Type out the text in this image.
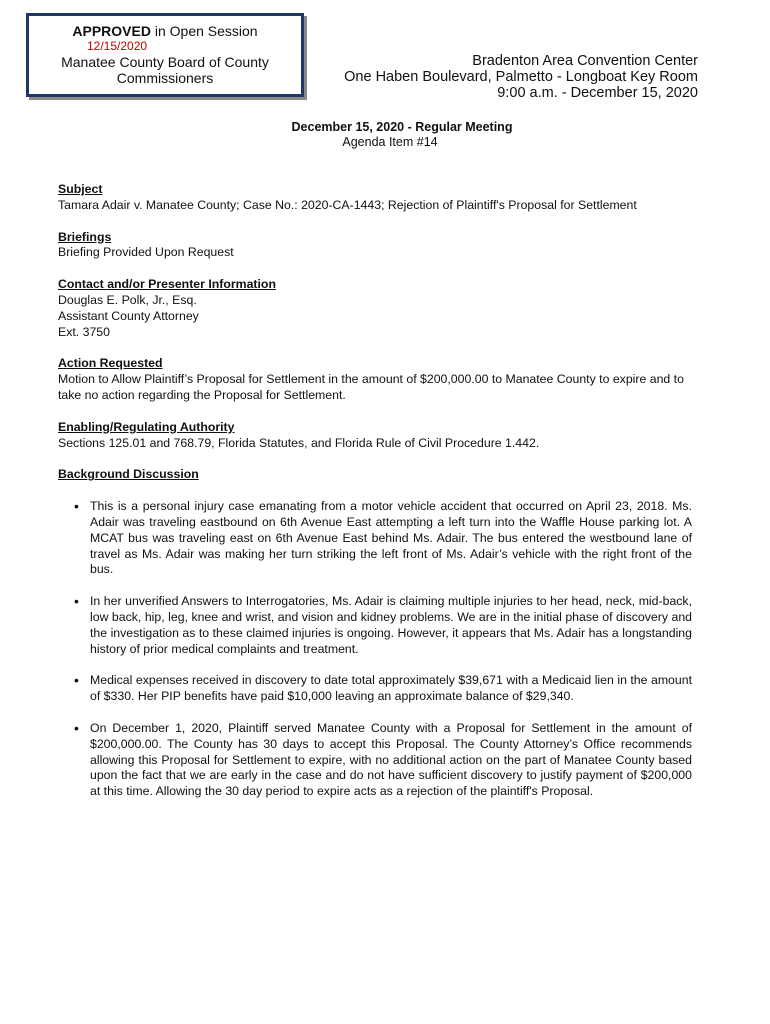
APPROVED in Open Session
12/15/2020
Manatee County Board of County
Commissioners
Bradenton Area Convention Center
One Haben Boulevard, Palmetto - Longboat Key Room
9:00 a.m. - December 15, 2020
December 15, 2020 - Regular Meeting
Agenda Item #14
Subject
Tamara Adair v. Manatee County; Case No.: 2020-CA-1443; Rejection of Plaintiff's Proposal for Settlement
Briefings
Briefing Provided Upon Request
Contact and/or Presenter Information
Douglas E. Polk, Jr., Esq.
Assistant County Attorney
Ext. 3750
Action Requested
Motion to Allow Plaintiff’s Proposal for Settlement in the amount of $200,000.00 to Manatee County to expire and to take no action regarding the Proposal for Settlement.
Enabling/Regulating Authority
Sections 125.01 and 768.79, Florida Statutes, and Florida Rule of Civil Procedure 1.442.
Background Discussion
• This is a personal injury case emanating from a motor vehicle accident that occurred on April 23, 2018. Ms. Adair was traveling eastbound on 6th Avenue East attempting a left turn into the Waffle House parking lot. A MCAT bus was traveling east on 6th Avenue East behind Ms. Adair. The bus entered the westbound lane of travel as Ms. Adair was making her turn striking the left front of Ms. Adair’s vehicle with the right front of the bus.
• In her unverified Answers to Interrogatories, Ms. Adair is claiming multiple injuries to her head, neck, mid-back, low back, hip, leg, knee and wrist, and vision and kidney problems. We are in the initial phase of discovery and the investigation as to these claimed injuries is ongoing. However, it appears that Ms. Adair has a longstanding history of prior medical complaints and treatment.
• Medical expenses received in discovery to date total approximately $39,671 with a Medicaid lien in the amount of $330. Her PIP benefits have paid $10,000 leaving an approximate balance of $29,340.
• On December 1, 2020, Plaintiff served Manatee County with a Proposal for Settlement in the amount of $200,000.00. The County has 30 days to accept this Proposal. The County Attorney’s Office recommends allowing this Proposal for Settlement to expire, with no additional action on the part of Manatee County based upon the fact that we are early in the case and do not have sufficient discovery to justify payment of $200,000 at this time. Allowing the 30 day period to expire acts as a rejection of the plaintiff's Proposal.
